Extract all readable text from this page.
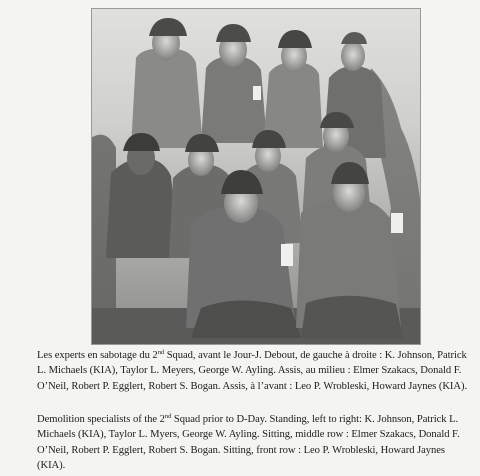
Les experts en sabotage du 2nd Squad, avant le Jour-J. Debout, de gauche à droite : K. Johnson, Patrick L. Michaels (KIA), Taylor L. Meyers, George W. Ayling. Assis, au milieu : Elmer Szakacs, Donald F. O’Neil, Robert P. Egglert, Robert S. Bogan. Assis, à l’avant : Leo P. Wrobleski, Howard Jaynes (KIA).

Demolition specialists of the 2nd Squad prior to D-Day. Standing, left to right: K. Johnson, Patrick L. Michaels (KIA), Taylor L. Myers, George W. Ayling. Sitting, middle row : Elmer Szakacs, Donald F. O’Neil, Robert P. Egglert, Robert S. Bogan. Sitting, front row : Leo P. Wrobleski, Howard Jaynes (KIA).
